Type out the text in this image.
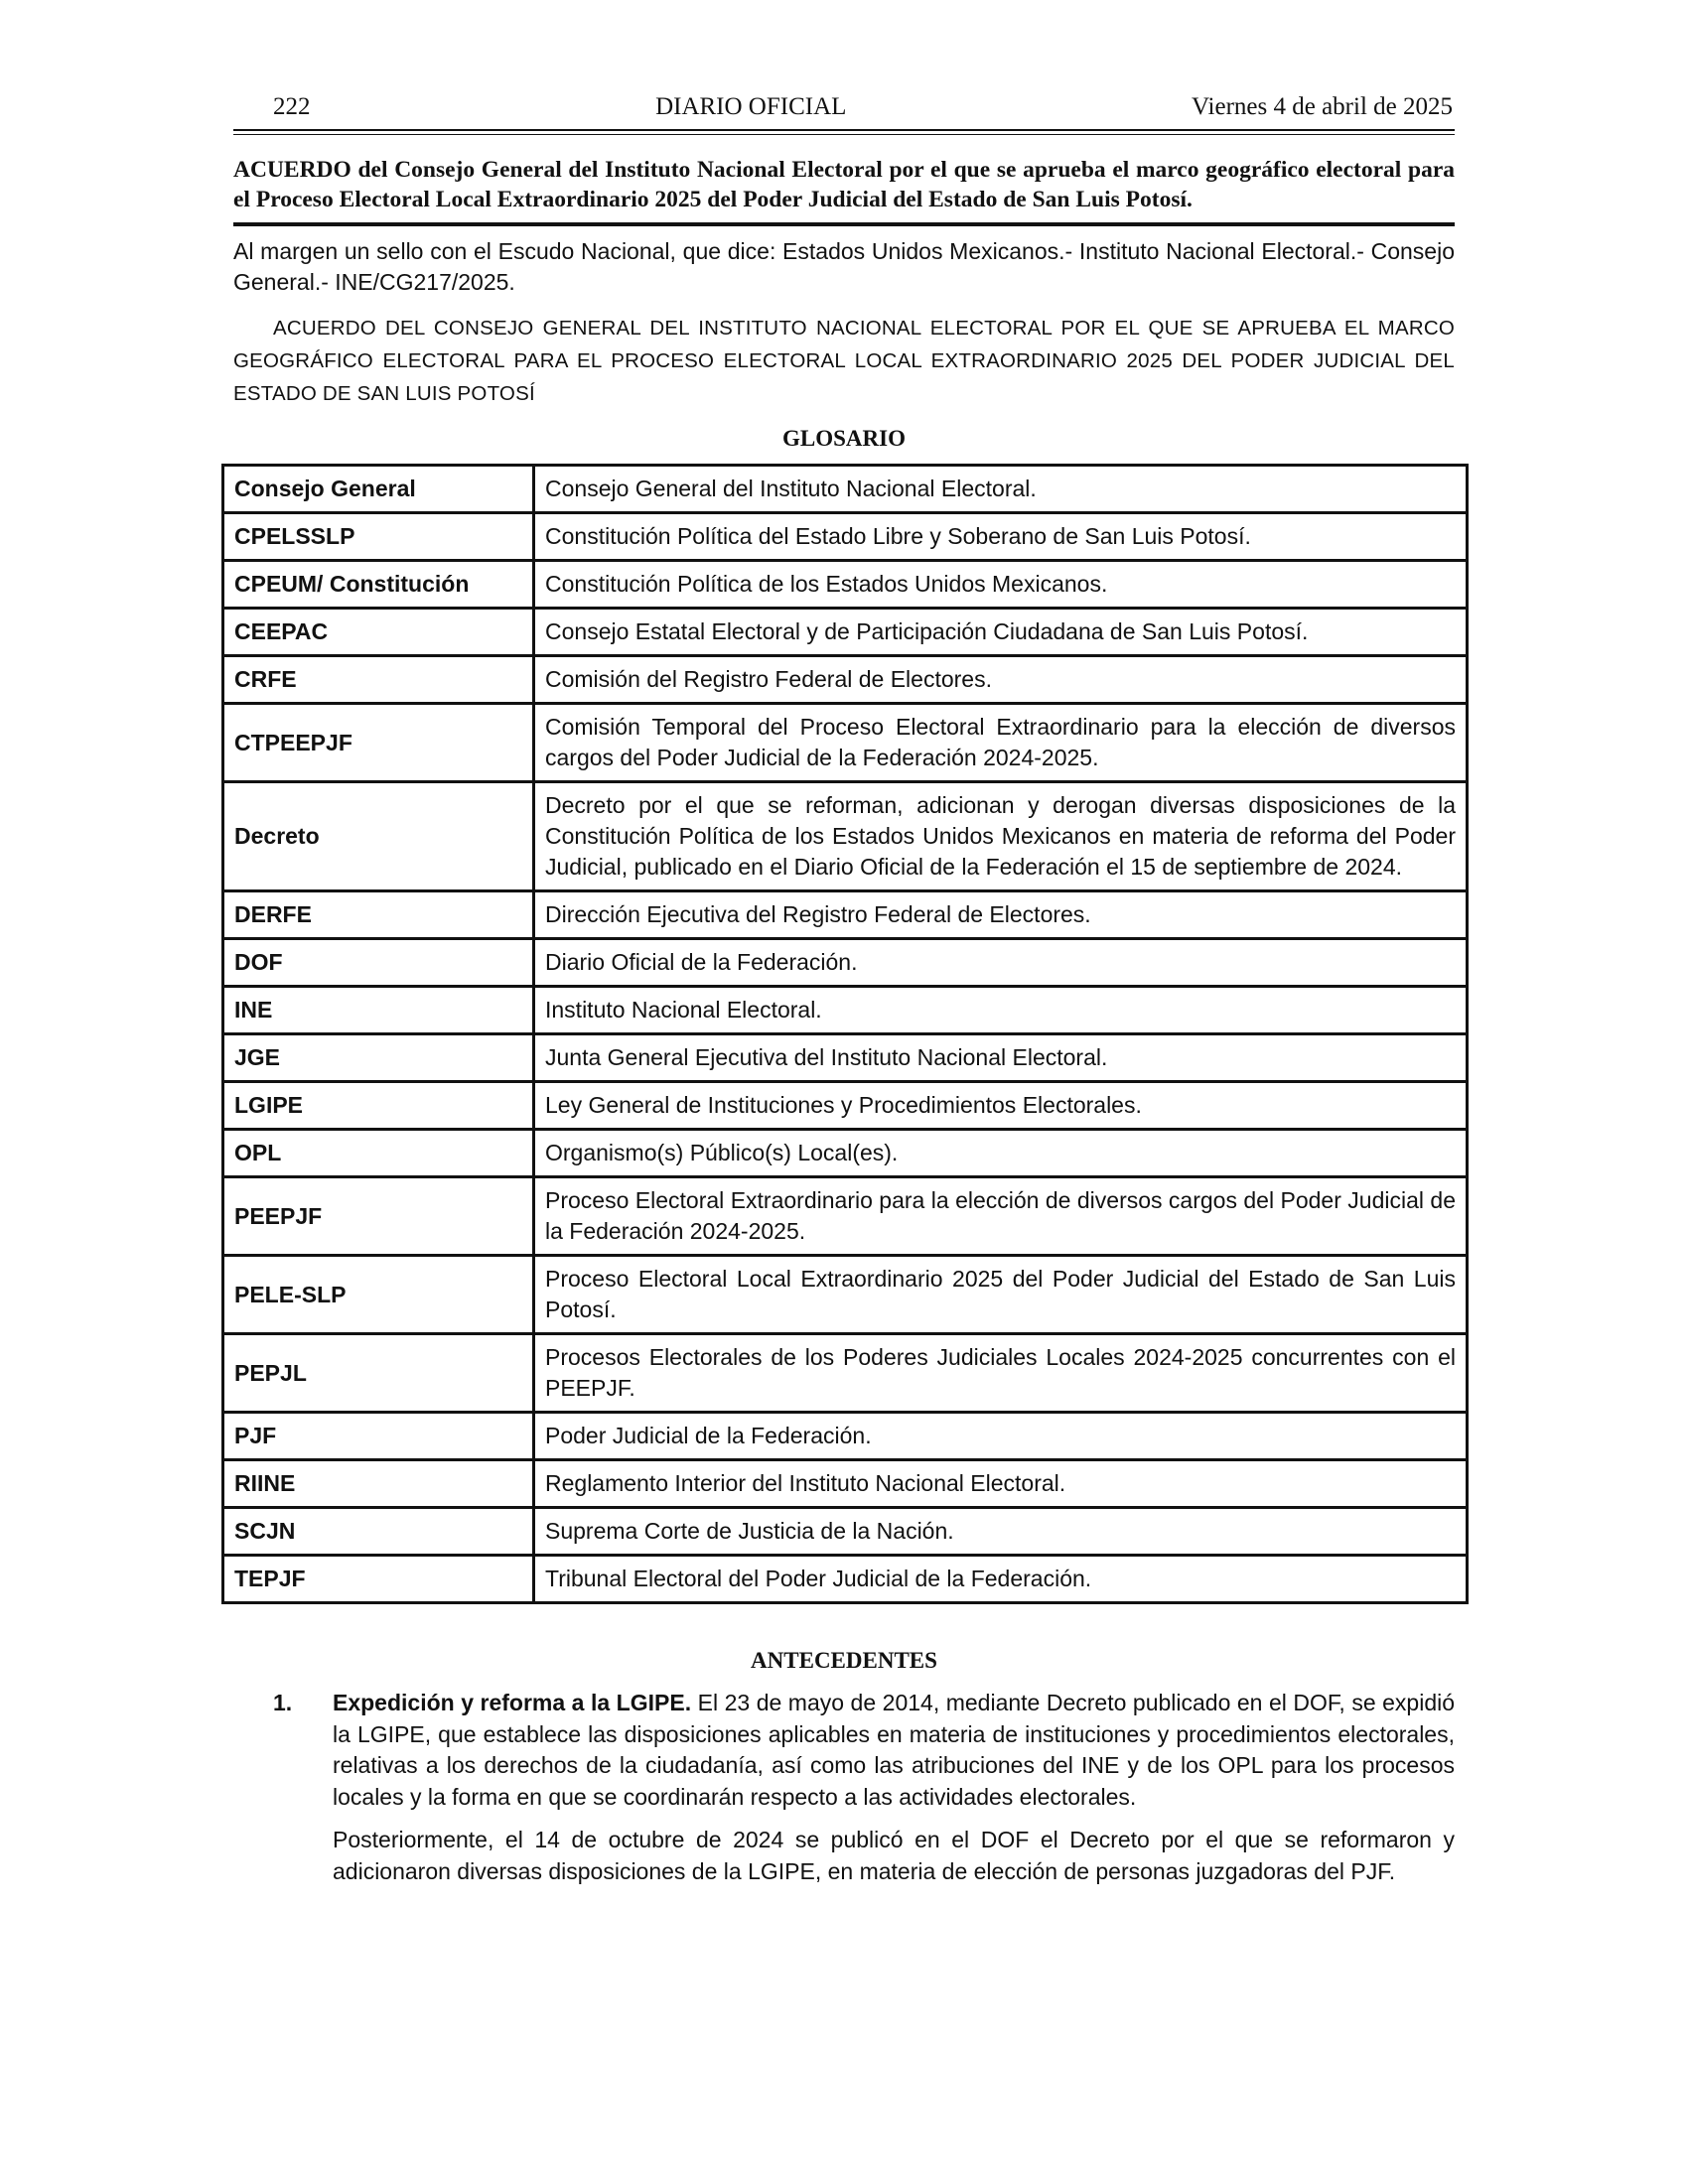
222	DIARIO OFICIAL	Viernes 4 de abril de 2025

ACUERDO del Consejo General del Instituto Nacional Electoral por el que se aprueba el marco geográfico electoral para el Proceso Electoral Local Extraordinario 2025 del Poder Judicial del Estado de San Luis Potosí.

Al margen un sello con el Escudo Nacional, que dice: Estados Unidos Mexicanos.- Instituto Nacional Electoral.- Consejo General.- INE/CG217/2025.

ACUERDO DEL CONSEJO GENERAL DEL INSTITUTO NACIONAL ELECTORAL POR EL QUE SE APRUEBA EL MARCO GEOGRÁFICO ELECTORAL PARA EL PROCESO ELECTORAL LOCAL EXTRAORDINARIO 2025 DEL PODER JUDICIAL DEL ESTADO DE SAN LUIS POTOSÍ

GLOSARIO
Consejo General	Consejo General del Instituto Nacional Electoral.
CPELSSLP	Constitución Política del Estado Libre y Soberano de San Luis Potosí.
CPEUM/ Constitución	Constitución Política de los Estados Unidos Mexicanos.
CEEPAC	Consejo Estatal Electoral y de Participación Ciudadana de San Luis Potosí.
CRFE	Comisión del Registro Federal de Electores.
CTPEEPJF	Comisión Temporal del Proceso Electoral Extraordinario para la elección de diversos cargos del Poder Judicial de la Federación 2024-2025.
Decreto	Decreto por el que se reforman, adicionan y derogan diversas disposiciones de la Constitución Política de los Estados Unidos Mexicanos en materia de reforma del Poder Judicial, publicado en el Diario Oficial de la Federación el 15 de septiembre de 2024.
DERFE	Dirección Ejecutiva del Registro Federal de Electores.
DOF	Diario Oficial de la Federación.
INE	Instituto Nacional Electoral.
JGE	Junta General Ejecutiva del Instituto Nacional Electoral.
LGIPE	Ley General de Instituciones y Procedimientos Electorales.
OPL	Organismo(s) Público(s) Local(es).
PEEPJF	Proceso Electoral Extraordinario para la elección de diversos cargos del Poder Judicial de la Federación 2024-2025.
PELE-SLP	Proceso Electoral Local Extraordinario 2025 del Poder Judicial del Estado de San Luis Potosí.
PEPJL	Procesos Electorales de los Poderes Judiciales Locales 2024-2025 concurrentes con el PEEPJF.
PJF	Poder Judicial de la Federación.
RIINE	Reglamento Interior del Instituto Nacional Electoral.
SCJN	Suprema Corte de Justicia de la Nación.
TEPJF	Tribunal Electoral del Poder Judicial de la Federación.
ANTECEDENTES
1.	Expedición y reforma a la LGIPE. El 23 de mayo de 2014, mediante Decreto publicado en el DOF, se expidió la LGIPE, que establece las disposiciones aplicables en materia de instituciones y procedimientos electorales, relativas a los derechos de la ciudadanía, así como las atribuciones del INE y de los OPL para los procesos locales y la forma en que se coordinarán respecto a las actividades electorales.

Posteriormente, el 14 de octubre de 2024 se publicó en el DOF el Decreto por el que se reformaron y adicionaron diversas disposiciones de la LGIPE, en materia de elección de personas juzgadoras del PJF.
